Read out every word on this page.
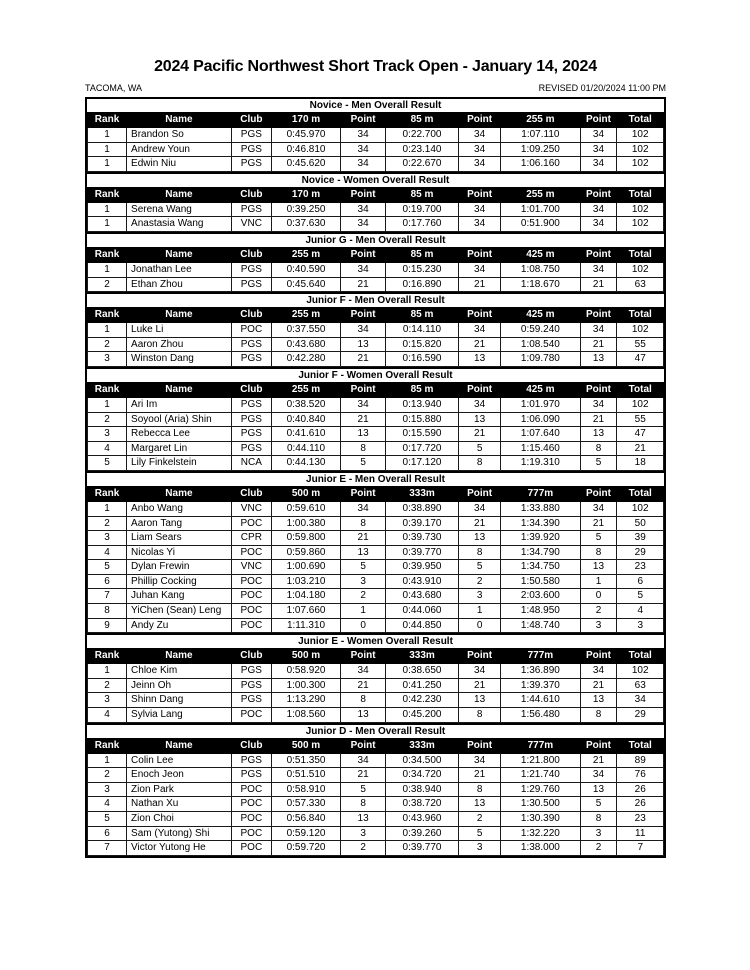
2024 Pacific Northwest Short Track Open - January 14, 2024
TACOMA, WA	REVISED 01/20/2024 11:00 PM
Novice - Men Overall Result
Rank	Name	Club	170 m	Point	85 m	Point	255 m	Point	Total
1	Brandon So	PGS	0:45.970	34	0:22.700	34	1:07.110	34	102
1	Andrew Youn	PGS	0:46.810	34	0:23.140	34	1:09.250	34	102
1	Edwin Niu	PGS	0:45.620	34	0:22.670	34	1:06.160	34	102
Novice - Women Overall Result
Rank	Name	Club	170 m	Point	85 m	Point	255 m	Point	Total
1	Serena Wang	PGS	0:39.250	34	0:19.700	34	1:01.700	34	102
1	Anastasia Wang	VNC	0:37.630	34	0:17.760	34	0:51.900	34	102
Junior G - Men Overall Result
Rank	Name	Club	255 m	Point	85 m	Point	425 m	Point	Total
1	Jonathan Lee	PGS	0:40.590	34	0:15.230	34	1:08.750	34	102
2	Ethan Zhou	PGS	0:45.640	21	0:16.890	21	1:18.670	21	63
Junior F - Men Overall Result
Rank	Name	Club	255 m	Point	85 m	Point	425 m	Point	Total
1	Luke Li	POC	0:37.550	34	0:14.110	34	0:59.240	34	102
2	Aaron Zhou	PGS	0:43.680	13	0:15.820	21	1:08.540	21	55
3	Winston Dang	PGS	0:42.280	21	0:16.590	13	1:09.780	13	47
Junior F - Women Overall Result
Rank	Name	Club	255 m	Point	85 m	Point	425 m	Point	Total
1	Ari Im	PGS	0:38.520	34	0:13.940	34	1:01.970	34	102
2	Soyool (Aria) Shin	PGS	0:40.840	21	0:15.880	13	1:06.090	21	55
3	Rebecca Lee	PGS	0:41.610	13	0:15.590	21	1:07.640	13	47
4	Margaret Lin	PGS	0:44.110	8	0:17.720	5	1:15.460	8	21
5	Lily Finkelstein	NCA	0:44.130	5	0:17.120	8	1:19.310	5	18
Junior E - Men Overall Result
Rank	Name	Club	500 m	Point	333m	Point	777m	Point	Total
1	Anbo Wang	VNC	0:59.610	34	0:38.890	34	1:33.880	34	102
2	Aaron Tang	POC	1:00.380	8	0:39.170	21	1:34.390	21	50
3	Liam Sears	CPR	0:59.800	21	0:39.730	13	1:39.920	5	39
4	Nicolas Yi	POC	0:59.860	13	0:39.770	8	1:34.790	8	29
5	Dylan Frewin	VNC	1:00.690	5	0:39.950	5	1:34.750	13	23
6	Phillip Cocking	POC	1:03.210	3	0:43.910	2	1:50.580	1	6
7	Juhan Kang	POC	1:04.180	2	0:43.680	3	2:03.600	0	5
8	YiChen (Sean) Leng	POC	1:07.660	1	0:44.060	1	1:48.950	2	4
9	Andy Zu	POC	1:11.310	0	0:44.850	0	1:48.740	3	3
Junior E - Women Overall Result
Rank	Name	Club	500 m	Point	333m	Point	777m	Point	Total
1	Chloe Kim	PGS	0:58.920	34	0:38.650	34	1:36.890	34	102
2	Jeinn Oh	PGS	1:00.300	21	0:41.250	21	1:39.370	21	63
3	Shinn Dang	PGS	1:13.290	8	0:42.230	13	1:44.610	13	34
4	Sylvia Lang	POC	1:08.560	13	0:45.200	8	1:56.480	8	29
Junior D - Men Overall Result
Rank	Name	Club	500 m	Point	333m	Point	777m	Point	Total
1	Colin Lee	PGS	0:51.350	34	0:34.500	34	1:21.800	21	89
2	Enoch Jeon	PGS	0:51.510	21	0:34.720	21	1:21.740	34	76
3	Zion Park	POC	0:58.910	5	0:38.940	8	1:29.760	13	26
4	Nathan Xu	POC	0:57.330	8	0:38.720	13	1:30.500	5	26
5	Zion Choi	POC	0:56.840	13	0:43.960	2	1:30.390	8	23
6	Sam (Yutong) Shi	POC	0:59.120	3	0:39.260	5	1:32.220	3	11
7	Victor Yutong He	POC	0:59.720	2	0:39.770	3	1:38.000	2	7
